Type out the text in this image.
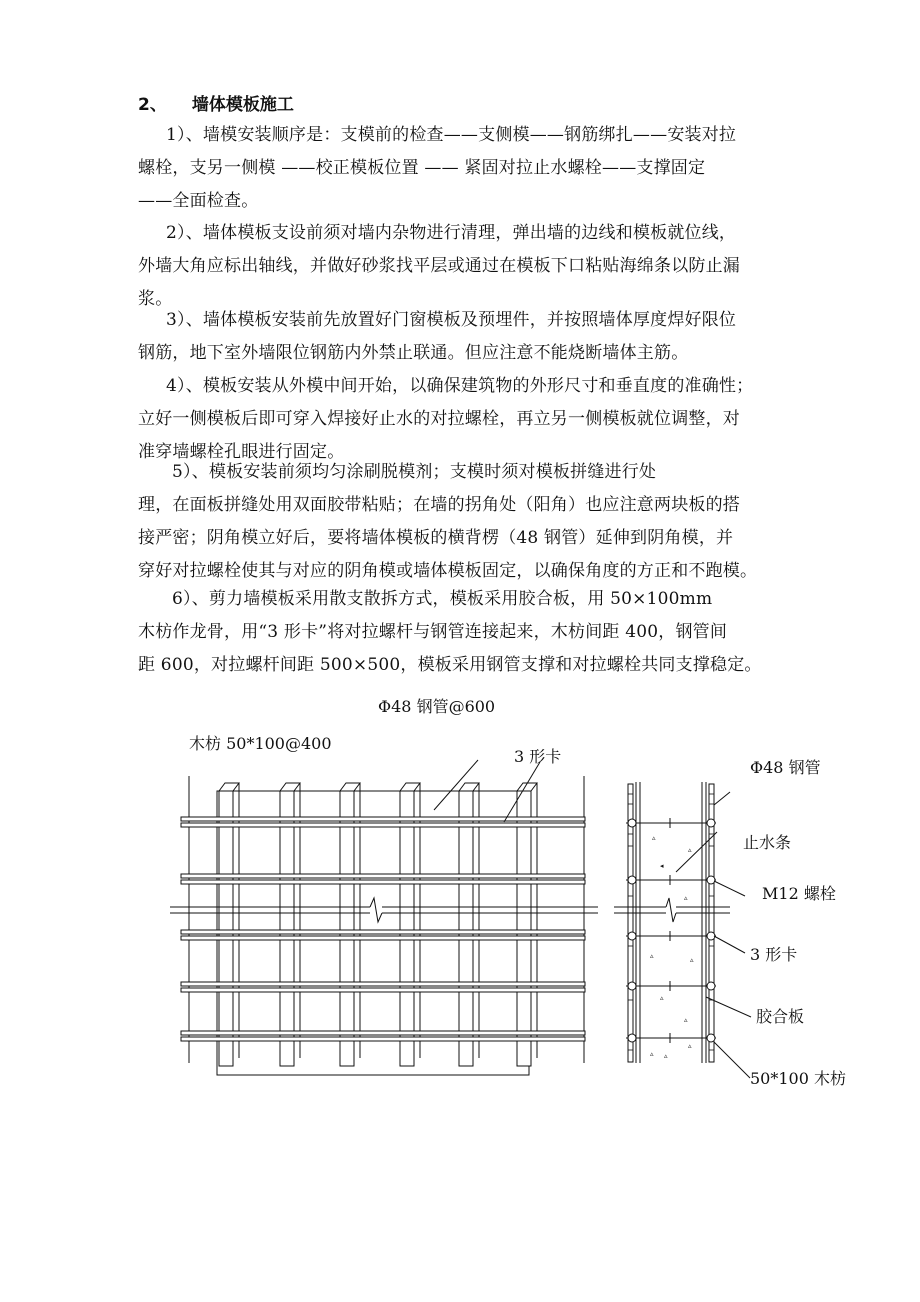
2、 墙体模板施工
1）、墙模安装顺序是：支模前的检查——支侧模——钢筋绑扎——安装对拉
螺栓，支另一侧模 ——校正模板位置 —— 紧固对拉止水螺栓——支撑固定
——全面检查。
2）、墙体模板支设前须对墙内杂物进行清理，弹出墙的边线和模板就位线，
外墙大角应标出轴线，并做好砂浆找平层或通过在模板下口粘贴海绵条以防止漏
浆。
3）、墙体模板安装前先放置好门窗模板及预埋件，并按照墙体厚度焊好限位
钢筋，地下室外墙限位钢筋内外禁止联通。但应注意不能烧断墙体主筋。
4）、模板安装从外模中间开始，以确保建筑物的外形尺寸和垂直度的准确性；
立好一侧模板后即可穿入焊接好止水的对拉螺栓，再立另一侧模板就位调整，对
准穿墙螺栓孔眼进行固定。
5）、模板安装前须均匀涂刷脱模剂；支模时须对模板拼缝进行处
理，在面板拼缝处用双面胶带粘贴；在墙的拐角处（阳角）也应注意两块板的搭
接严密；阴角模立好后，要将墙体模板的横背楞（48 钢管）延伸到阴角模，并
穿好对拉螺栓使其与对应的阴角模或墙体模板固定，以确保角度的方正和不跑模。
6）、剪力墙模板采用散支散拆方式，模板采用胶合板，用 50×100mm
木枋作龙骨，用“3 形卡”将对拉螺杆与钢管连接起来，木枋间距 400，钢管间
距 600，对拉螺杆间距 500×500，模板采用钢管支撑和对拉螺栓共同支撑稳定。
▵
▵
◂
▵
▵	▵
▵
▵
▵
▵
▵
Φ48 钢管@600
木枋 50*100@400
3 形卡
Φ48 钢管
止水条
M12 螺栓
3 形卡
胶合板
50*100 木枋
